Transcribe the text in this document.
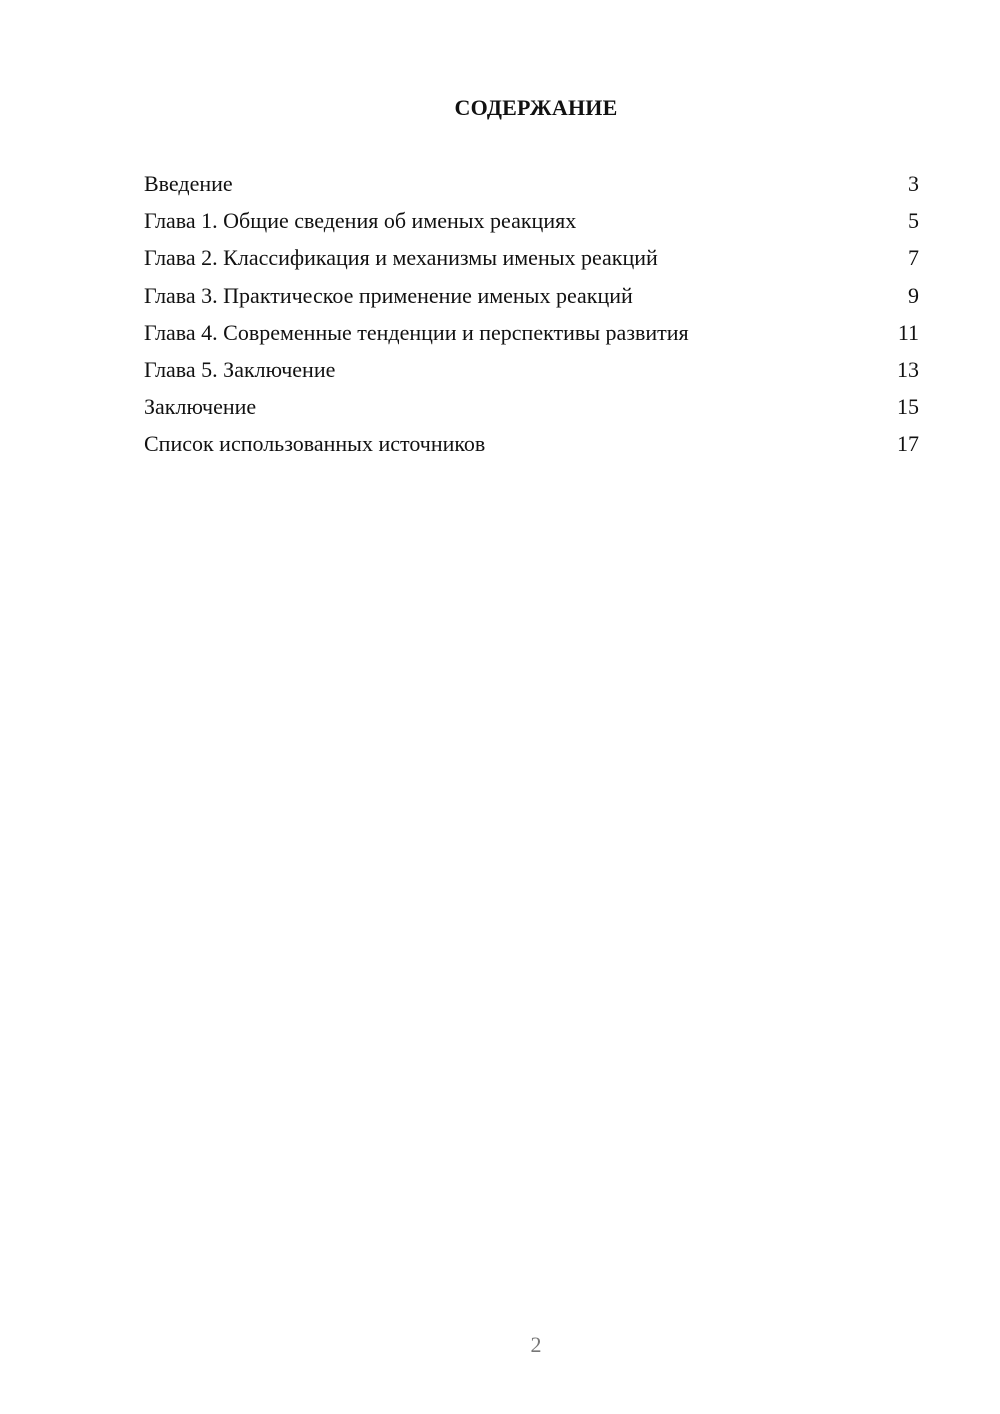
СОДЕРЖАНИЕ
Введение	3
Глава 1. Общие сведения об именых реакциях	5
Глава 2. Классификация и механизмы именых реакций	7
Глава 3. Практическое применение именых реакций	9
Глава 4. Современные тенденции и перспективы развития	11
Глава 5. Заключение	13
Заключение	15
Список использованных источников	17
2
